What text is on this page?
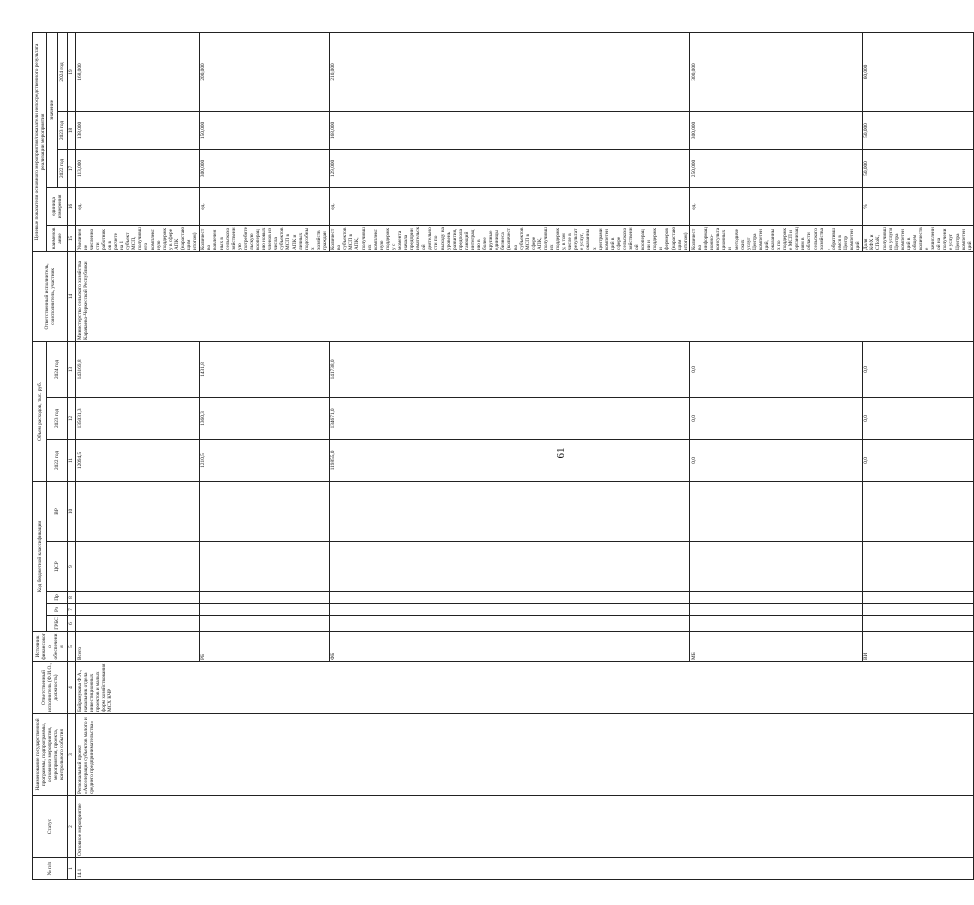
№ п/п	Статус	Наименование государственной программы, подпрограммы, основного мероприятия, мероприятия, проекта, контрольного события	Ответственный исполнитель (Ф.И.О., должность)	Источник финансового обеспечения	Код бюджетной классификации					Объем расходов, тыс. руб.			Ответственный исполнитель, соисполнитель, участник	Целевые показатели основного мероприятия/показатели непосредственного результата реализации мероприятия				
					ГРБС	Рз	Пр	ЦСР	ВР	2022 год	2023 год	2024 год		наименование	единица измерения	значение		
																2022 год	2023 год	2024 год
1	2	3	4	5	6	7	8	9	10	11	12	13	14	15	16	17	18	19
14.1	Основное мероприятие	Региональный проект «Акселерация субъектов малого и среднего предпринимательства»	Байрамукова Ф.А., начальник отдела инвестиционных проектов и малых форм хозяйствования МСХ КЧР	Всего						12094,5	135031,3	143169,8	Министерство сельского хозяйства Карачаево-Черкесской Республики	Увеличение численности работников в расчете на 1 субъект МСП, получившего комплексную поддержку в сфере АПК (нарастающим итогом)	ед.	113,000	138,000	168,000
				РБ						1210,5	1360,3	1431,8		Количество вовлеченных в сельскохозяйственную потребительскую кооперацию новых членов из числа субъектов МСП в АПК и личных подсобных хозяйств граждан	ед.	300,000	150,000	200,000
				ФБ						119855,0	134671,0	141738,0		Количество субъектов МСП в АПК, получивших комплексную поддержку с момента начала предпринимательской деятельности по выходу на уровень развития, предполагающий интеграцию в более крупные единицы бизнеса (количество субъектов МСП в сфере АПК, получивших поддержку, в том числе в результате услуг, оказанных центрами компетенций в сфере сельскохозяйственной кооперации и поддержки фермеров (нарастающим итогом)	ед.	129,000	168,000	210,000
				МБ						0,0	0,0	0,0		Количество информационно-консультационных и методических услуг Центра компетенций, оказанных по поддержке МСП и организациям в области сельского хозяйства, обратившимся в Центр компетенций	ед.	250,000	300,000	300,000
				ВИ						0,0	0,0	0,0		Доля КФХ и СПоК, получивших услуги Центра компетенций в общем количестве зачисленной на получение услуг Центра компетенций	%	50,000	50,000	60,000
61
